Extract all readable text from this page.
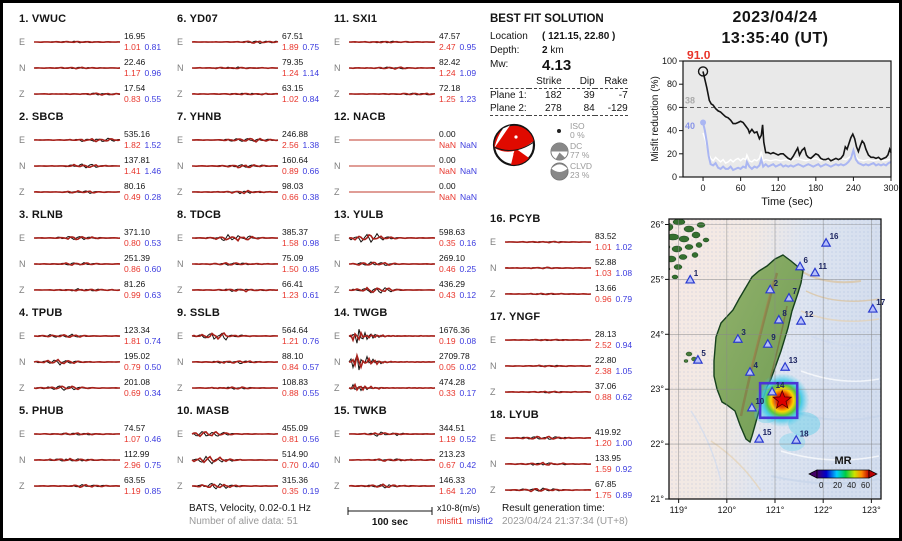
1. VWUC
E
16.95
1.01 0.81
N
22.46
1.17 0.96
Z
17.54
0.83 0.55
2. SBCB
E
535.16
1.82 1.52
N
137.81
1.41 1.46
Z
80.16
0.49 0.28
3. RLNB
E
371.10
0.80 0.53
N
251.39
0.86 0.60
Z
81.26
0.99 0.63
4. TPUB
E
123.34
1.81 0.74
N
195.02
0.79 0.50
Z
201.08
0.69 0.34
5. PHUB
E
74.57
1.07 0.46
N
112.99
2.96 0.75
Z
63.55
1.19 0.85
6. YD07
E
67.51
1.89 0.75
N
79.35
1.24 1.14
Z
63.15
1.02 0.84
7. YHNB
E
246.88
2.56 1.38
N
160.64
0.89 0.66
Z
98.03
0.66 0.38
8. TDCB
E
385.37
1.58 0.98
N
75.09
1.50 0.85
Z
66.41
1.23 0.61
9. SSLB
E
564.64
1.21 0.76
N
88.10
0.84 0.57
Z
108.83
0.88 0.55
10. MASB
E
455.09
0.81 0.56
N
514.90
0.70 0.40
Z
315.36
0.35 0.19
11. SXI1
E
47.57
2.47 0.95
N
82.42
1.24 1.09
Z
72.18
1.25 1.23
12. NACB
E
0.00
NaN NaN
N
0.00
NaN NaN
Z
0.00
NaN NaN
13. YULB
E
598.63
0.35 0.16
N
269.10
0.46 0.25
Z
436.29
0.43 0.12
14. TWGB
E
1676.36
0.19 0.08
N
2709.78
0.05 0.02
Z
474.28
0.33 0.17
15. TWKB
E
344.51
1.19 0.52
N
213.23
0.67 0.42
Z
146.33
1.64 1.20
BEST FIT SOLUTION
Location	( 121.15, 22.80 )
Depth:	2 km
Mw:	4.13
	Strike	Dip	Rake
Plane 1:	182	39	-7
Plane 2:	278	84	-129
ISO
0 %
DC
77 %
CLVD
23 %
16. PCYB
E
83.52
1.01 1.02
N
52.88
1.03 1.08
Z
13.66
0.96 0.79
17. YNGF
E
28.13
2.52 0.94
N
22.80
2.38 1.05
Z
37.06
0.88 0.62
18. LYUB
E
419.92
1.20 1.00
N
133.95
1.59 0.92
Z
67.85
1.75 0.89
2023/04/24
13:35:40 (UT)
0
20
40
60
80
100
0	60	120	180	240	300
Time (sec)
Misfit reduction (%)
91.0
38
40
1
2
3
4
5
6
7
8
9
10
11
12
13
14
15
16
17
18
MR
0 20 40 60
21°
22°
23°
24°
25°
26°
119°	120°	121°	122°	123°
BATS, Velocity, 0.02-0.1 Hz
Number of alive data: 51	100 sec
x10-8(m/s)
misfit1 misfit2
Result generation time:
2023/04/24 21:37:34 (UT+8)
